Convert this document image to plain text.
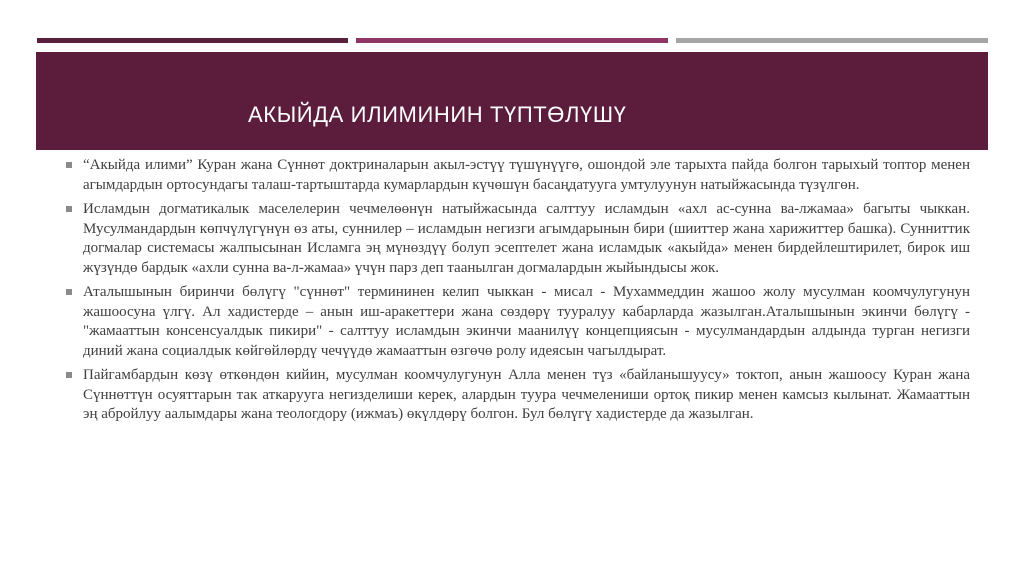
АКЫЙДА ИЛИМИНИН ТҮПТӨЛҮШҮ
“Акыйда илими” Куран жана Сүннөт доктриналарын акыл-эстүү түшүнүүгө, ошондой эле тарыхта пайда болгон тарыхый топтор менен агымдардын ортосундагы талаш-тартыштарда кумарлардын күчөшүн басаңдатууга умтулуунун натыйжасында түзүлгөн.
Исламдын догматикалык маселелерин чечмелөөнүн натыйжасында салттуу исламдын «ахл ас-сунна ва-лжамаа» багыты чыккан. Мусулмандардын көпчүлүгүнүн өз аты, суннилер – исламдын негизги агымдарынын бири (шииттер жана харижиттер башка). Сунниттик догмалар системасы жалпысынан Исламга эң мүнөздүү болуп эсептелет жана исламдык «акыйда» менен бирдейлештирилет, бирок иш жүзүндө бардык «ахли сунна ва-л-жамаа» үчүн парз деп таанылган догмалардын жыйындысы жок.
Аталышынын биринчи бөлүгү "сүннөт" термининен келип чыккан - мисал - Мухаммеддин жашоо жолу мусулман коомчулугунун жашоосуна үлгү. Ал хадистерде – анын иш-аракеттери жана сөздөрү тууралуу кабарларда жазылган.Аталышынын экинчи бөлүгү - "жамааттын консенсуалдык пикири" - салттуу исламдын экинчи маанилүү концепциясын - мусулмандардын алдында турган негизги диний жана социалдык көйгөйлөрдү чечүүдө жамааттын өзгөчө ролу идеясын чагылдырат.
Пайгамбардын көзү өткөндөн кийин, мусулман коомчулугунун Алла менен түз «байланышуусу» токтоп, анын жашоосу Куран жана Сүннөттүн осуяттарын так аткарууга негизделиши керек, алардын туура чечмелениши ортоқ пикир менен камсыз кылынат. Жамааттын эң абройлуу аалымдары жана теологдору (ижмаъ) өкүлдөрү болгон. Бул бөлүгү хадистерде да жазылган.
